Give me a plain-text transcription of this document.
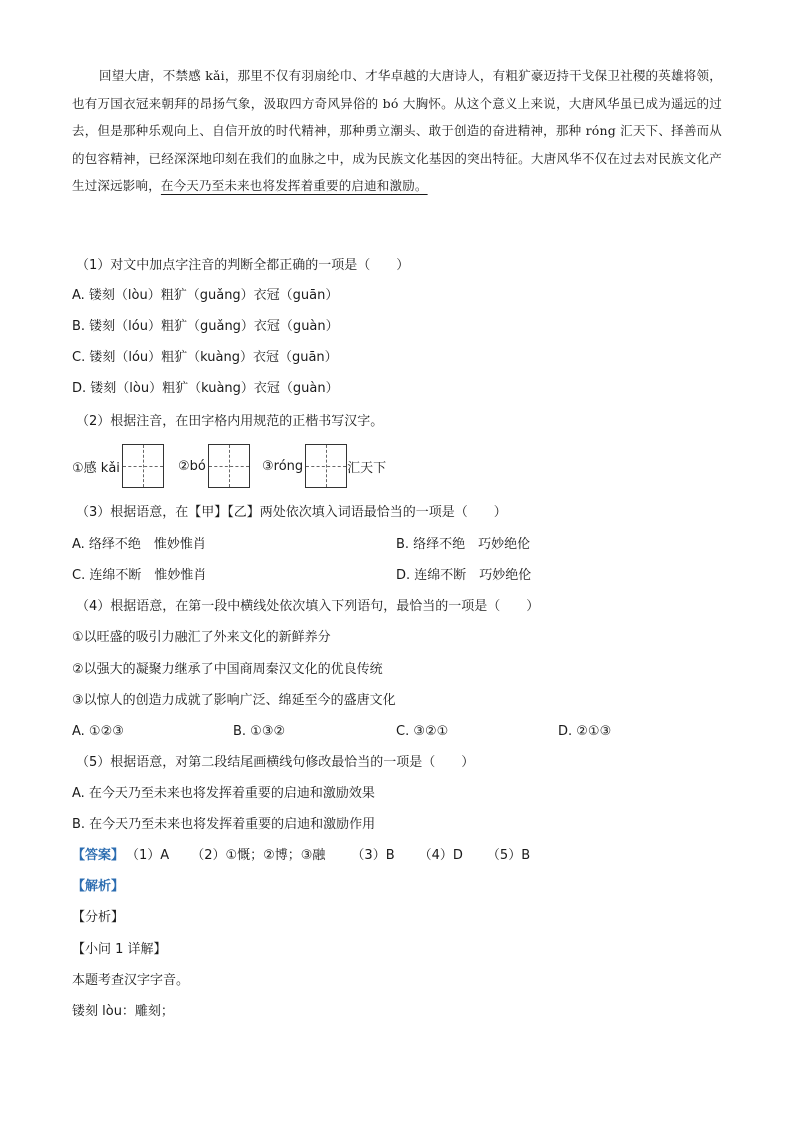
回望大唐，不禁感 kǎi，那里不仅有羽扇纶巾、才华卓越的大唐诗人，有粗犷豪迈持干戈保卫社稷的英雄将领，也有万国衣冠来朝拜的昂扬气象，汲取四方奇风异俗的 bó 大胸怀。从这个意义上来说，大唐风华虽已成为遥远的过去，但是那种乐观向上、自信开放的时代精神，那种勇立潮头、敢于创造的奋进精神，那种 róng 汇天下、择善而从的包容精神，已经深深地印刻在我们的血脉之中，成为民族文化基因的突出特征。大唐风华不仅在过去对民族文化产生过深远影响，在今天乃至未来也将发挥着重要的启迪和激励。
（1）对文中加点字注音的判断全都正确的一项是（　　）
A. 镂刻（lòu）粗犷（guǎng）衣冠（guān）
B. 镂刻（lóu）粗犷（guǎng）衣冠（guàn）
C. 镂刻（lóu）粗犷（kuàng）衣冠（guān）
D. 镂刻（lòu）粗犷（kuàng）衣冠（guàn）
（2）根据注音，在田字格内用规范的正楷书写汉字。
①感 kǎi	②bó	③róng	汇天下
（3）根据语意，在【甲】【乙】两处依次填入词语最恰当的一项是（　　）
A. 络绎不绝　惟妙惟肖	B. 络绎不绝　巧妙绝伦
C. 连绵不断　惟妙惟肖	D. 连绵不断　巧妙绝伦
（4）根据语意，在第一段中横线处依次填入下列语句，最恰当的一项是（　　）
①以旺盛的吸引力融汇了外来文化的新鲜养分
②以强大的凝聚力继承了中国商周秦汉文化的优良传统
③以惊人的创造力成就了影响广泛、绵延至今的盛唐文化
A. ①②③	B. ①③②	C. ③②①	D. ②①③
（5）根据语意，对第二段结尾画横线句修改最恰当的一项是（　　）
A. 在今天乃至未来也将发挥着重要的启迪和激励效果
B. 在今天乃至未来也将发挥着重要的启迪和激励作用
【答案】 （1）A （2）①慨；②博；③融 （3）B （4）D （5）B
【解析】
【分析】
【小问 1 详解】
本题考查汉字字音。
镂刻 lòu：雕刻；
